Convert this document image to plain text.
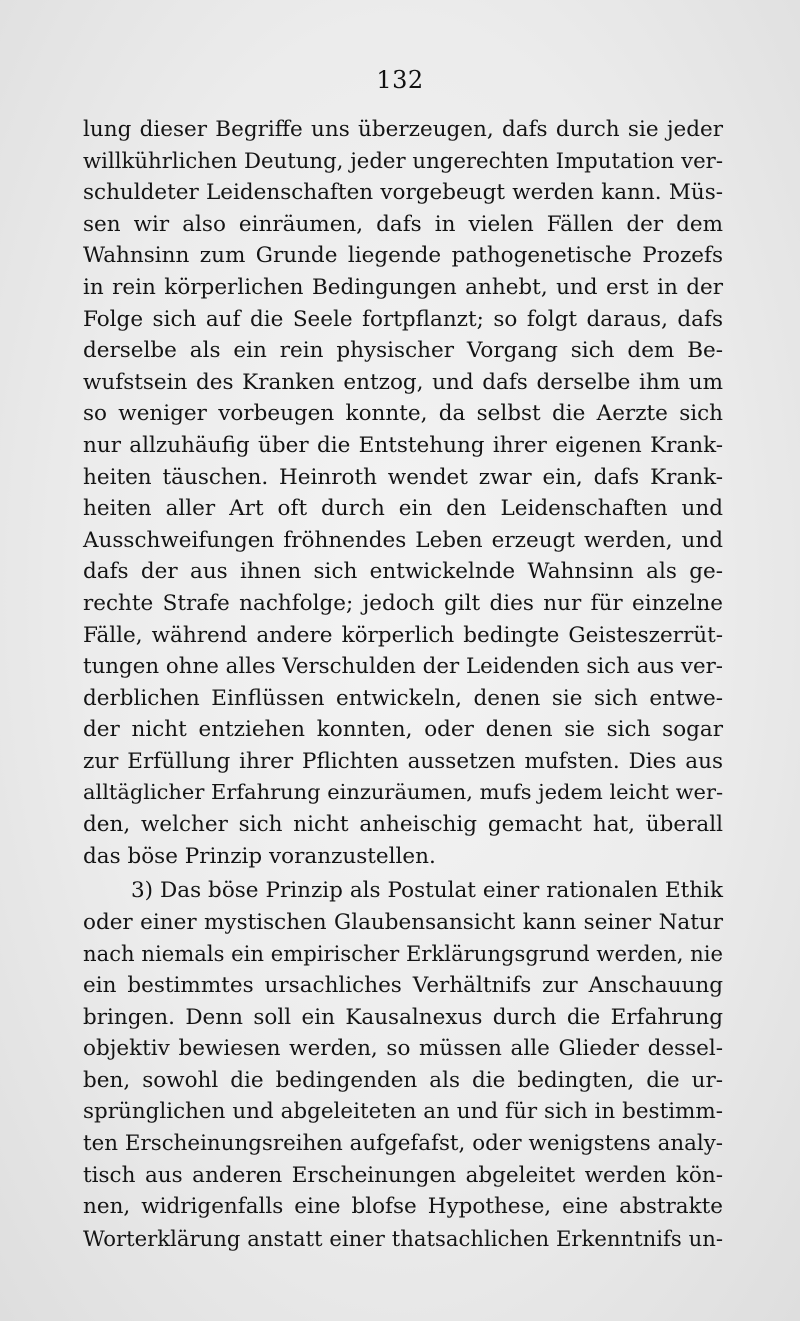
132
lung dieser Begriffe uns überzeugen, dafs durch sie jeder
willkührlichen Deutung, jeder ungerechten Imputation ver-
schuldeter Leidenschaften vorgebeugt werden kann. Müs-
sen wir also einräumen, dafs in vielen Fällen der dem
Wahnsinn zum Grunde liegende pathogenetische Prozefs
in rein körperlichen Bedingungen anhebt, und erst in der
Folge sich auf die Seele fortpflanzt; so folgt daraus, dafs
derselbe als ein rein physischer Vorgang sich dem Be-
wufstsein des Kranken entzog, und dafs derselbe ihm um
so weniger vorbeugen konnte, da selbst die Aerzte sich
nur allzuhäufig über die Entstehung ihrer eigenen Krank-
heiten täuschen. Heinroth wendet zwar ein, dafs Krank-
heiten aller Art oft durch ein den Leidenschaften und
Ausschweifungen fröhnendes Leben erzeugt werden, und
dafs der aus ihnen sich entwickelnde Wahnsinn als ge-
rechte Strafe nachfolge; jedoch gilt dies nur für einzelne
Fälle, während andere körperlich bedingte Geisteszerrüt-
tungen ohne alles Verschulden der Leidenden sich aus ver-
derblichen Einflüssen entwickeln, denen sie sich entwe-
der nicht entziehen konnten, oder denen sie sich sogar
zur Erfüllung ihrer Pflichten aussetzen mufsten. Dies aus
alltäglicher Erfahrung einzuräumen, mufs jedem leicht wer-
den, welcher sich nicht anheischig gemacht hat, überall
das böse Prinzip voranzustellen.
3) Das böse Prinzip als Postulat einer rationalen Ethik
oder einer mystischen Glaubensansicht kann seiner Natur
nach niemals ein empirischer Erklärungsgrund werden, nie
ein bestimmtes ursachliches Verhältnifs zur Anschauung
bringen. Denn soll ein Kausalnexus durch die Erfahrung
objektiv bewiesen werden, so müssen alle Glieder dessel-
ben, sowohl die bedingenden als die bedingten, die ur-
sprünglichen und abgeleiteten an und für sich in bestimm-
ten Erscheinungsreihen aufgefafst, oder wenigstens analy-
tisch aus anderen Erscheinungen abgeleitet werden kön-
nen, widrigenfalls eine blofse Hypothese, eine abstrakte
Worterklärung anstatt einer thatsachlichen Erkenntnifs un-
